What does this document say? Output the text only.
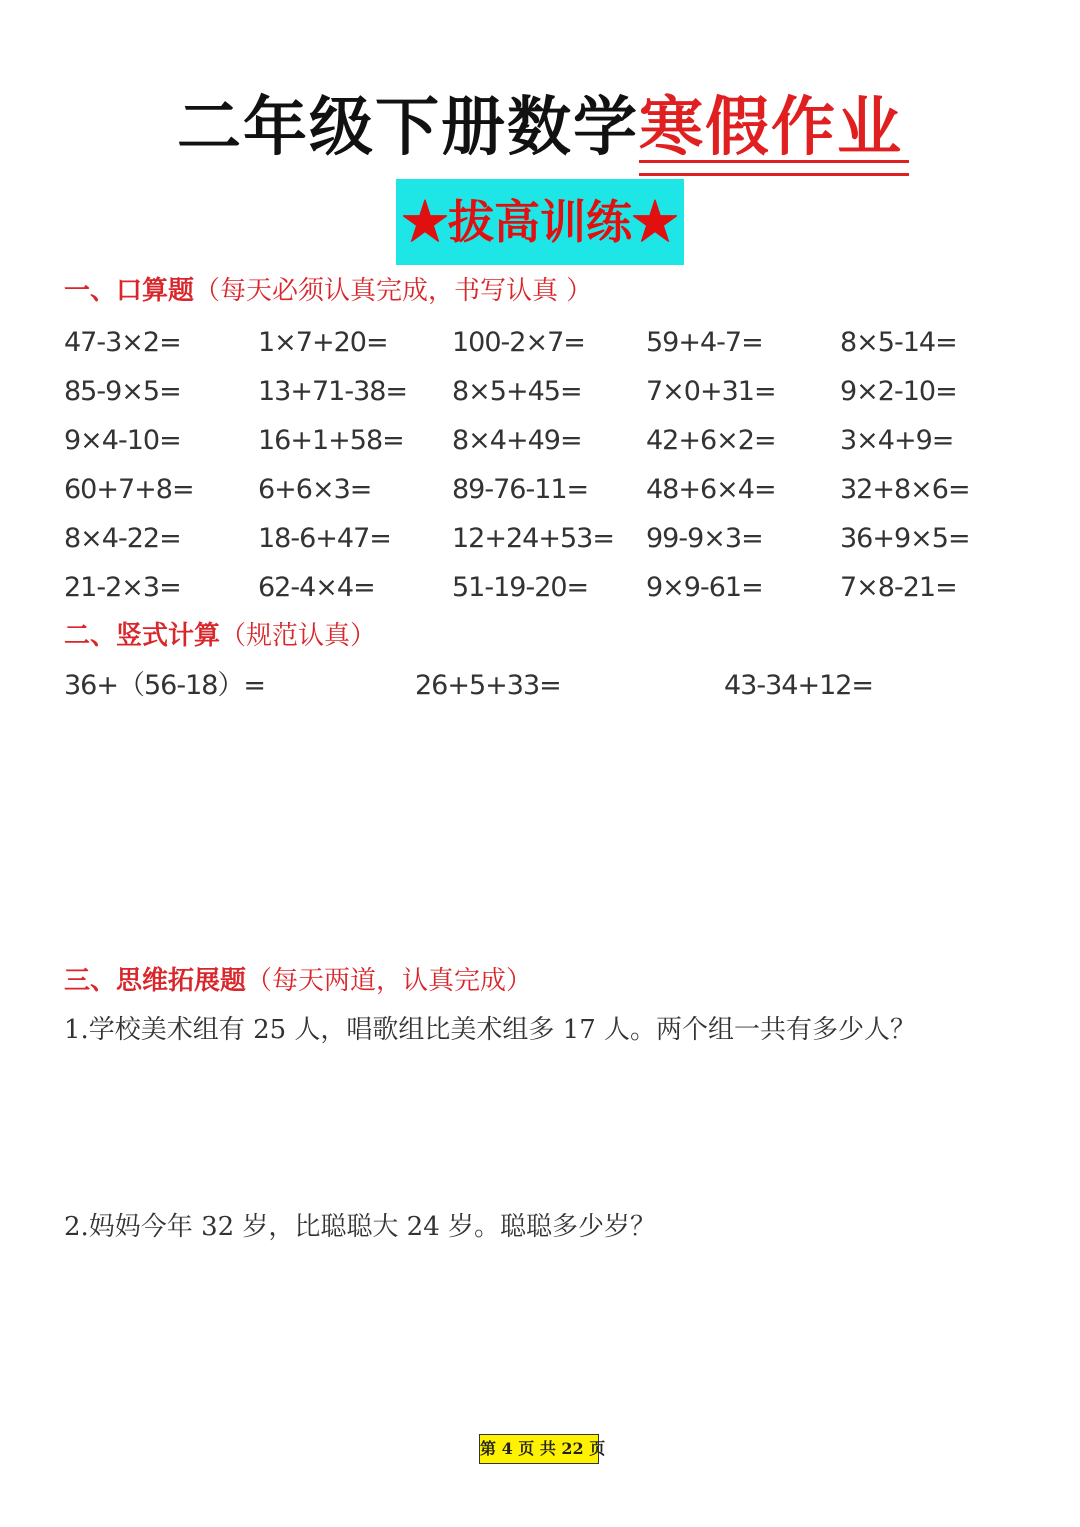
二年级下册数学寒假作业
★拔高训练★
一、口算题（每天必须认真完成，书写认真 ）
47-3×2=	1×7+20=	100-2×7=	59+4-7=	8×5-14=
85-9×5=	13+71-38=	8×5+45=	7×0+31=	9×2-10=
9×4-10=	16+1+58=	8×4+49=	42+6×2=	3×4+9=
60+7+8=	6+6×3=	89-76-11=	48+6×4=	32+8×6=
8×4-22=	18-6+47=	12+24+53=	99-9×3=	36+9×5=
21-2×3=	62-4×4=	51-19-20=	9×9-61=	7×8-21=
二、竖式计算（规范认真）
36+（56-18）=	26+5+33=	43-34+12=
三、思维拓展题（每天两道，认真完成）
1.学校美术组有 25 人，唱歌组比美术组多 17 人。两个组一共有多少人？
2.妈妈今年 32 岁，比聪聪大 24 岁。聪聪多少岁？
第 4 页 共 22 页
